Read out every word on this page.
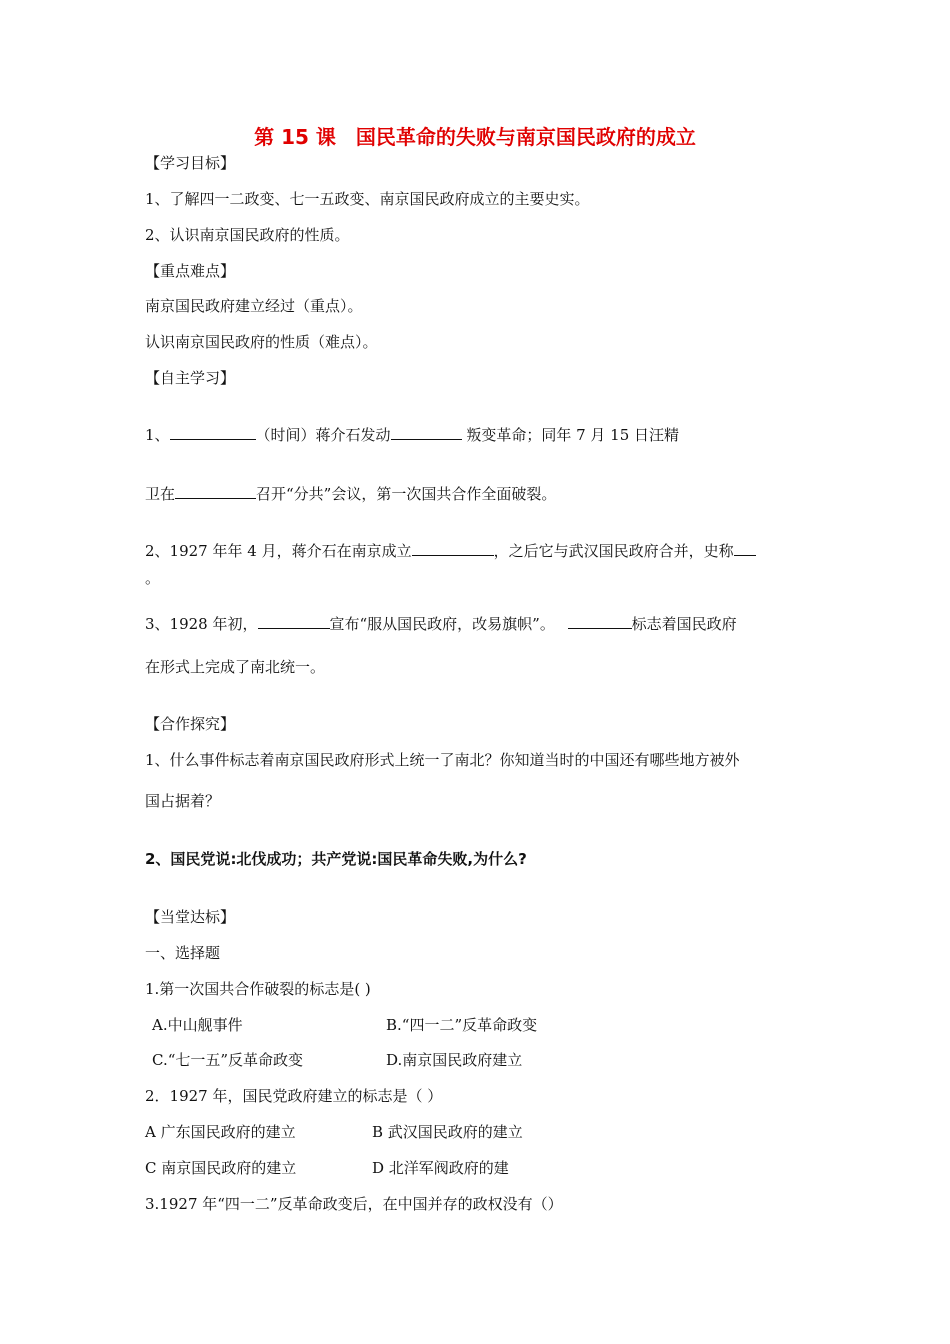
第 15 课　国民革命的失败与南京国民政府的成立
【学习目标】
1、了解四一二政变、七一五政变、南京国民政府成立的主要史实。
2、认识南京国民政府的性质。
【重点难点】
南京国民政府建立经过（重点）。
认识南京国民政府的性质（难点）。
【自主学习】
1、	（时间）蒋介石发动	叛变革命；同年 7 月 15 日汪精
卫在	召开“分共”会议，第一次国共合作全面破裂。
2、1927 年年 4 月，蒋介石在南京成立	，之后它与武汉国民政府合并，史称
。
3、1928 年初，	宣布“服从国民政府，改易旗帜”。	标志着国民政府
在形式上完成了南北统一。
【合作探究】
1、什么事件标志着南京国民政府形式上统一了南北？你知道当时的中国还有哪些地方被外
国占据着？
2、国民党说:北伐成功；共产党说:国民革命失败,为什么?
【当堂达标】
一、选择题
1.第一次国共合作破裂的标志是( )
A.中山舰事件	B.“四一二”反革命政变
C.“七一五”反革命政变	D.南京国民政府建立
2．1927 年，国民党政府建立的标志是（ ）
A 广东国民政府的建立	B 武汉国民政府的建立
C 南京国民政府的建立	D 北洋军阀政府的建
3.1927 年“四一二”反革命政变后，在中国并存的政权没有（）
